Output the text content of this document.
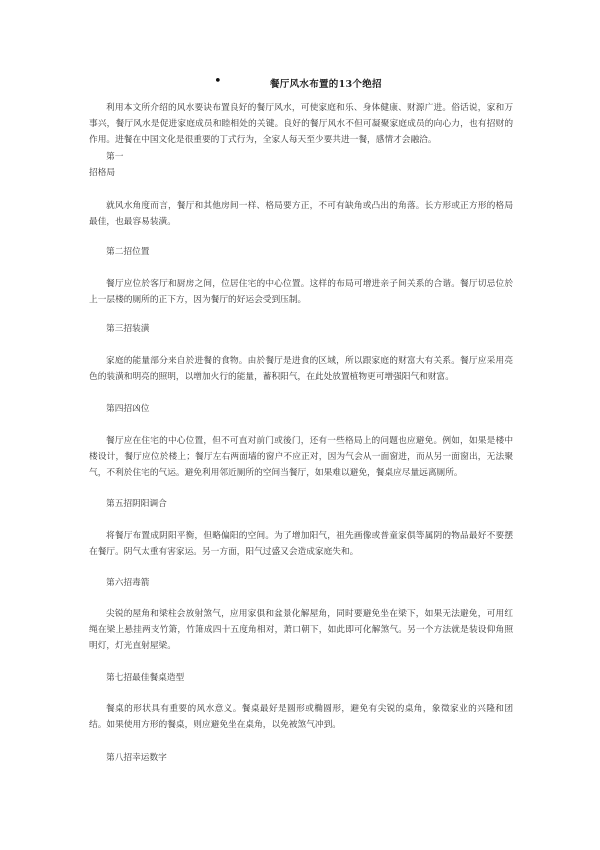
•	餐厅风水布置的13个绝招
利用本文所介绍的风水要诀布置良好的餐厅风水，可使家庭和乐、身体健康、财源广进。俗话说，家和万事兴，餐厅风水是促进家庭成员和睦相处的关键。良好的餐厅风水不但可凝聚家庭成员的向心力，也有招财的作用。进餐在中国文化是很重要的丁式行为，全家人每天至少要共进一餐，感情才会融洽。
第一
招格局
就风水角度而言，餐厅和其他房间一样、格局要方正，不可有缺角或凸出的角落。长方形或正方形的格局最佳，也最容易装潢。
第二招位置
餐厅应位於客厅和厨房之间，位居住宅的中心位置。这样的布局可增进亲子间关系的合谐。餐厅切忌位於上一层楼的厕所的正下方，因为餐厅的好运会受到压制。
第三招装潢
家庭的能量部分来自於进餐的食物。由於餐厅是进食的区域，所以跟家庭的财富大有关系。餐厅应采用亮色的装潢和明亮的照明，以增加火行的能量，蓄积阳气，在此处放置植物更可增强阳气和财富。
第四招凶位
餐厅应在住宅的中心位置，但不可直对前门或後门，还有一些格局上的问题也应避免。例如，如果是楼中楼设计，餐厅应位於楼上；餐厅左右两面墙的窗户不应正对，因为气会从一面窗进，而从另一面窗出，无法聚气，不利於住宅的气运。避免利用邻近厕所的空间当餐厅，如果难以避免，餐桌应尽量远离厕所。
第五招阴阳调合
将餐厅布置成阴阳平衡，但略偏阳的空间。为了增加阳气，祖先画像或普童家俱等属阴的物品最好不要摆在餐厅。阴气太重有害家运。另一方面，阳气过盛又会造成家庭失和。
第六招毒箭
尖锐的屋角和梁柱会放射煞气，应用家俱和盆景化解屋角，同时要避免坐在梁下，如果无法避免，可用红绳在梁上悬挂两支竹箫，竹箫成四十五度角相对，萧口朝下，如此即可化解煞气。另一个方法就是装设仰角照明灯，灯光直射屋梁。
第七招最佳餐桌造型
餐桌的形状具有重要的风水意义。餐桌最好是圆形或椭圆形，避免有尖锐的桌角，象徵家业的兴隆和团结。如果使用方形的餐桌，则应避免坐在桌角，以免被煞气冲到。
第八招幸运数字
